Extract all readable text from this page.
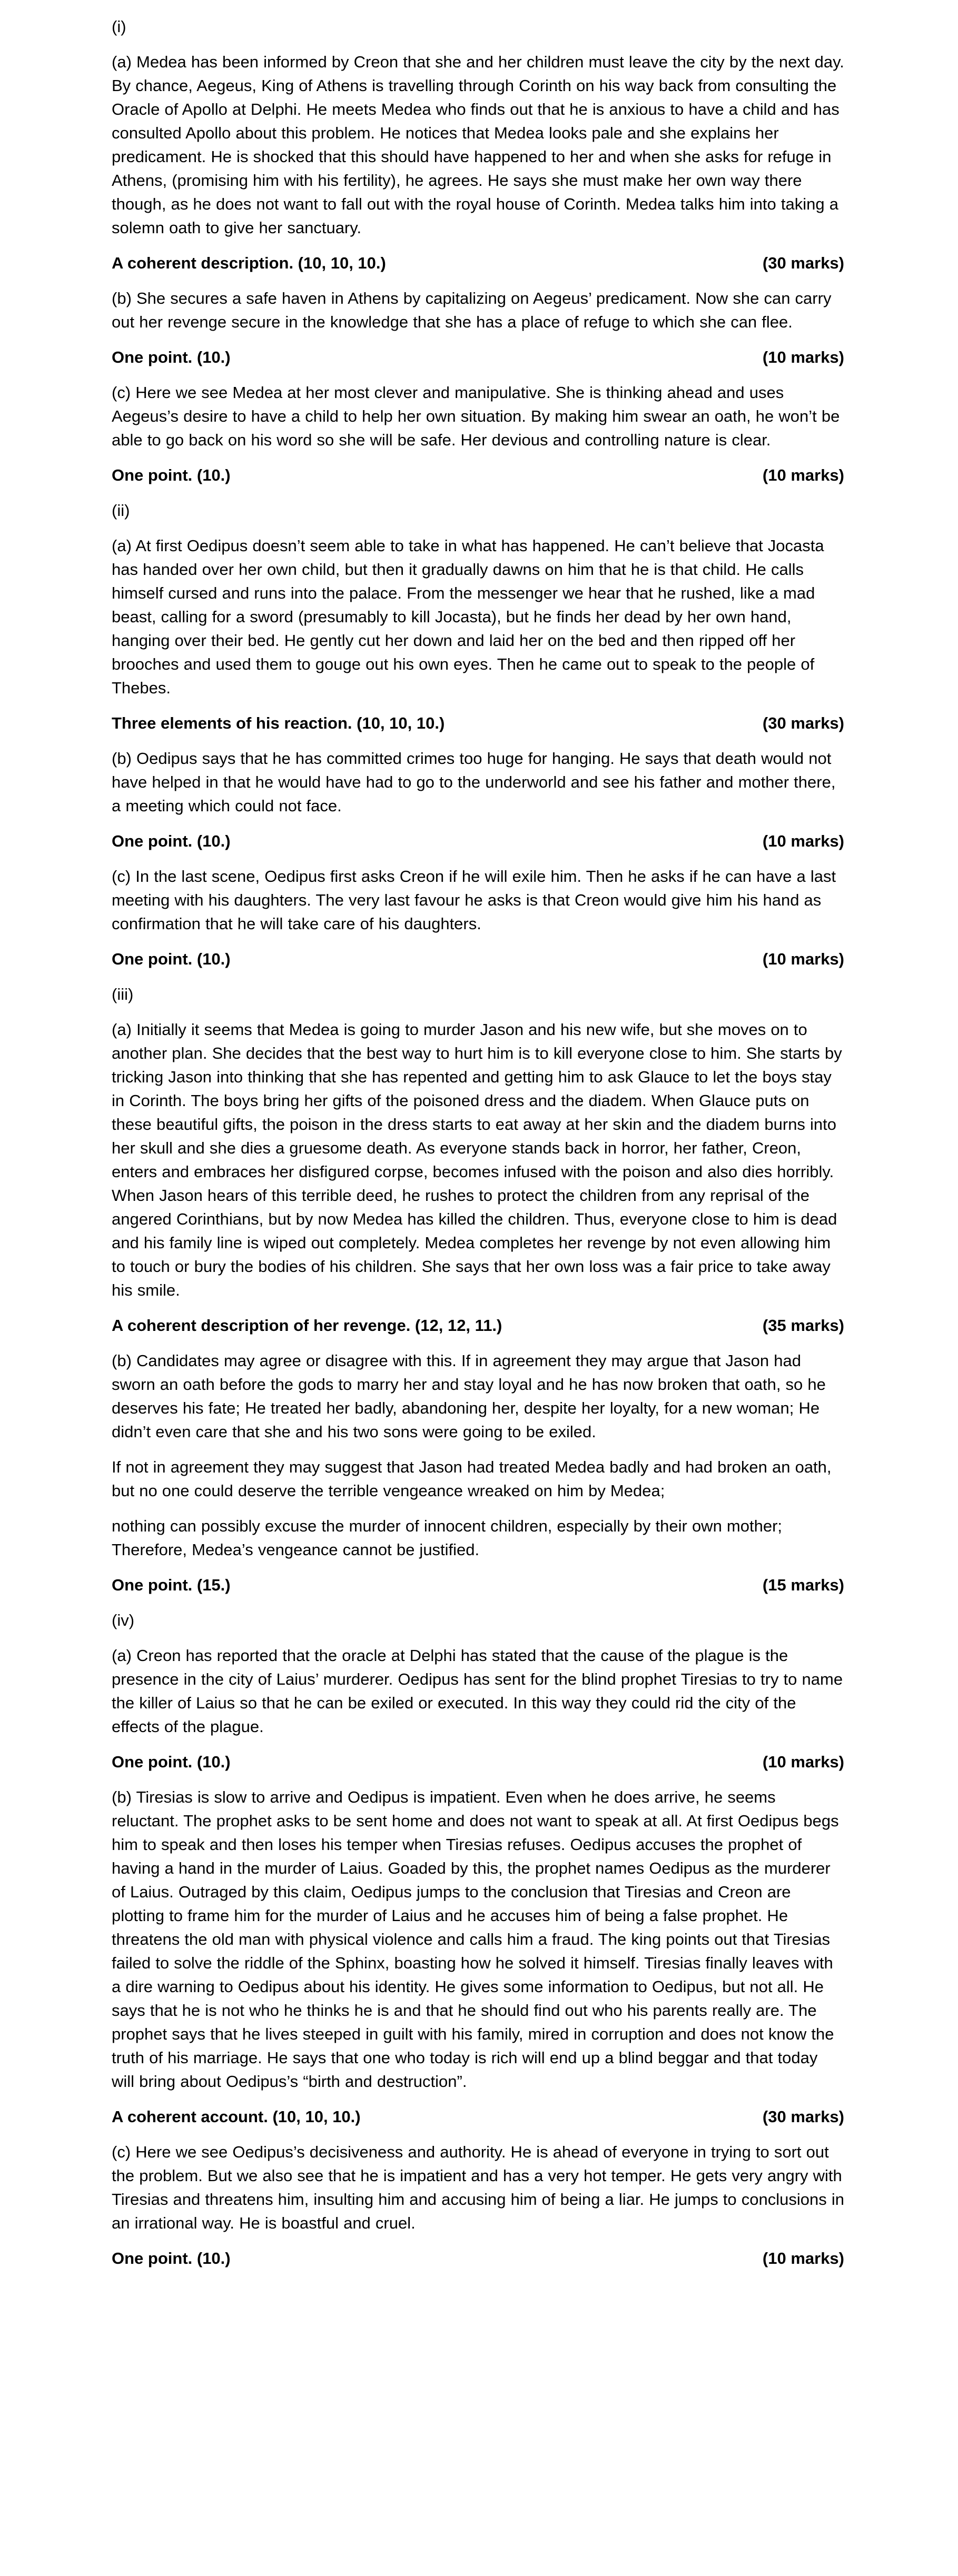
(i)

(a) Medea has been informed by Creon that she and her children must leave the city by the next day. By chance, Aegeus, King of Athens is travelling through Corinth on his way back from consulting the Oracle of Apollo at Delphi. He meets Medea who finds out that he is anxious to have a child and has consulted Apollo about this problem. He notices that Medea looks pale and she explains her predicament. He is shocked that this should have happened to her and when she asks for refuge in Athens, (promising him with his fertility), he agrees. He says she must make her own way there though, as he does not want to fall out with the royal house of Corinth. Medea talks him into taking a solemn oath to give her sanctuary.

A coherent description. (10, 10, 10.)	(30 marks)

(b) She secures a safe haven in Athens by capitalizing on Aegeus’ predicament. Now she can carry out her revenge secure in the knowledge that she has a place of refuge to which she can flee.

One point. (10.)	(10 marks)

(c) Here we see Medea at her most clever and manipulative. She is thinking ahead and uses Aegeus’s desire to have a child to help her own situation. By making him swear an oath, he won’t be able to go back on his word so she will be safe. Her devious and controlling nature is clear.

One point. (10.)	(10 marks)

(ii)

(a) At first Oedipus doesn’t seem able to take in what has happened. He can’t believe that Jocasta has handed over her own child, but then it gradually dawns on him that he is that child. He calls himself cursed and runs into the palace. From the messenger we hear that he rushed, like a mad beast, calling for a sword (presumably to kill Jocasta), but he finds her dead by her own hand, hanging over their bed. He gently cut her down and laid her on the bed and then ripped off her brooches and used them to gouge out his own eyes. Then he came out to speak to the people of Thebes.

Three elements of his reaction. (10, 10, 10.)	(30 marks)

(b) Oedipus says that he has committed crimes too huge for hanging. He says that death would not have helped in that he would have had to go to the underworld and see his father and mother there, a meeting which could not face.

One point. (10.)	(10 marks)

(c) In the last scene, Oedipus first asks Creon if he will exile him. Then he asks if he can have a last meeting with his daughters. The very last favour he asks is that Creon would give him his hand as confirmation that he will take care of his daughters.

One point. (10.)	(10 marks)

(iii)

(a) Initially it seems that Medea is going to murder Jason and his new wife, but she moves on to another plan. She decides that the best way to hurt him is to kill everyone close to him. She starts by tricking Jason into thinking that she has repented and getting him to ask Glauce to let the boys stay in Corinth. The boys bring her gifts of the poisoned dress and the diadem. When Glauce puts on these beautiful gifts, the poison in the dress starts to eat away at her skin and the diadem burns into her skull and she dies a gruesome death. As everyone stands back in horror, her father, Creon, enters and embraces her disfigured corpse, becomes infused with the poison and also dies horribly. When Jason hears of this terrible deed, he rushes to protect the children from any reprisal of the angered Corinthians, but by now Medea has killed the children. Thus, everyone close to him is dead and his family line is wiped out completely. Medea completes her revenge by not even allowing him to touch or bury the bodies of his children. She says that her own loss was a fair price to take away his smile.

A coherent description of her revenge. (12, 12, 11.)	(35 marks)

(b) Candidates may agree or disagree with this. If in agreement they may argue that Jason had sworn an oath before the gods to marry her and stay loyal and he has now broken that oath, so he deserves his fate; He treated her badly, abandoning her, despite her loyalty, for a new woman; He didn’t even care that she and his two sons were going to be exiled.

If not in agreement they may suggest that Jason had treated Medea badly and had broken an oath, but no one could deserve the terrible vengeance wreaked on him by Medea;

nothing can possibly excuse the murder of innocent children, especially by their own mother; Therefore, Medea’s vengeance cannot be justified.

One point. (15.)	(15 marks)

(iv)

(a) Creon has reported that the oracle at Delphi has stated that the cause of the plague is the presence in the city of Laius’ murderer. Oedipus has sent for the blind prophet Tiresias to try to name the killer of Laius so that he can be exiled or executed. In this way they could rid the city of the effects of the plague.

One point. (10.)	(10 marks)

(b) Tiresias is slow to arrive and Oedipus is impatient. Even when he does arrive, he seems reluctant. The prophet asks to be sent home and does not want to speak at all. At first Oedipus begs him to speak and then loses his temper when Tiresias refuses. Oedipus accuses the prophet of having a hand in the murder of Laius. Goaded by this, the prophet names Oedipus as the murderer of Laius. Outraged by this claim, Oedipus jumps to the conclusion that Tiresias and Creon are plotting to frame him for the murder of Laius and he accuses him of being a false prophet. He threatens the old man with physical violence and calls him a fraud. The king points out that Tiresias failed to solve the riddle of the Sphinx, boasting how he solved it himself. Tiresias finally leaves with a dire warning to Oedipus about his identity. He gives some information to Oedipus, but not all. He says that he is not who he thinks he is and that he should find out who his parents really are. The prophet says that he lives steeped in guilt with his family, mired in corruption and does not know the truth of his marriage. He says that one who today is rich will end up a blind beggar and that today will bring about Oedipus’s “birth and destruction”.

A coherent account. (10, 10, 10.)	(30 marks)

(c) Here we see Oedipus’s decisiveness and authority. He is ahead of everyone in trying to sort out the problem. But we also see that he is impatient and has a very hot temper. He gets very angry with Tiresias and threatens him, insulting him and accusing him of being a liar. He jumps to conclusions in an irrational way. He is boastful and cruel.

One point. (10.)	(10 marks)
